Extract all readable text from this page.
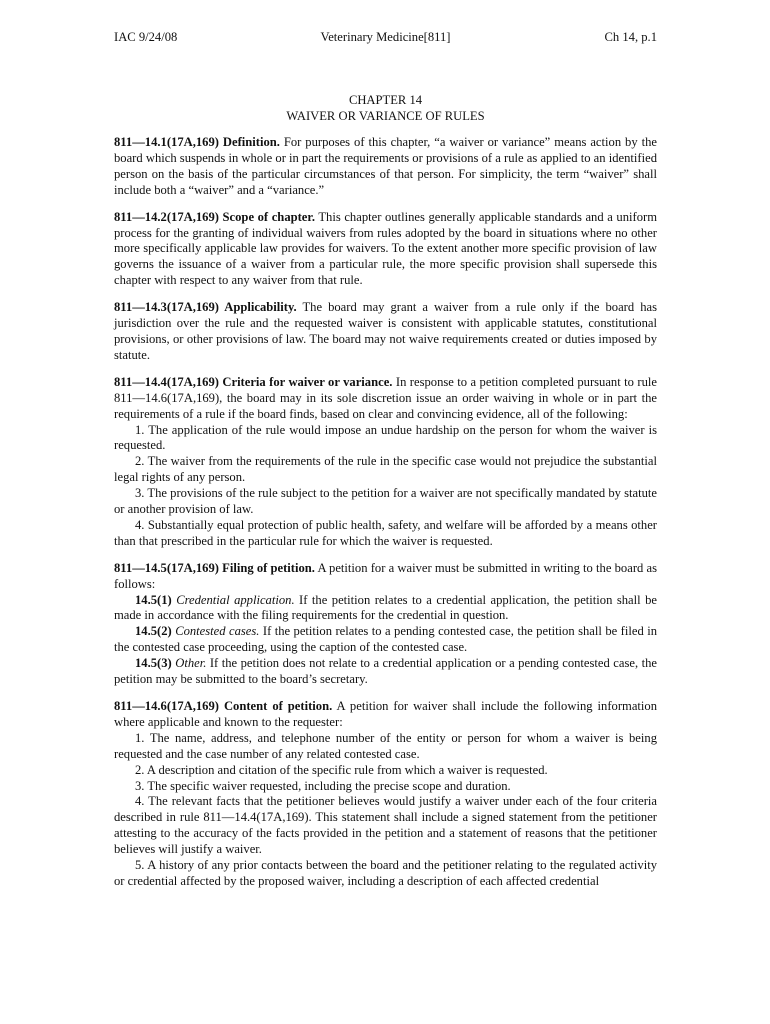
IAC 9/24/08	Veterinary Medicine[811]	Ch 14, p.1
CHAPTER 14
WAIVER OR VARIANCE OF RULES

811—14.1(17A,169) Definition. For purposes of this chapter, “a waiver or variance” means action by the board which suspends in whole or in part the requirements or provisions of a rule as applied to an identified person on the basis of the particular circumstances of that person. For simplicity, the term “waiver” shall include both a “waiver” and a “variance.”

811—14.2(17A,169) Scope of chapter. This chapter outlines generally applicable standards and a uniform process for the granting of individual waivers from rules adopted by the board in situations where no other more specifically applicable law provides for waivers. To the extent another more specific provision of law governs the issuance of a waiver from a particular rule, the more specific provision shall supersede this chapter with respect to any waiver from that rule.

811—14.3(17A,169) Applicability. The board may grant a waiver from a rule only if the board has jurisdiction over the rule and the requested waiver is consistent with applicable statutes, constitutional provisions, or other provisions of law. The board may not waive requirements created or duties imposed by statute.

811—14.4(17A,169) Criteria for waiver or variance. In response to a petition completed pursuant to rule 811—14.6(17A,169), the board may in its sole discretion issue an order waiving in whole or in part the requirements of a rule if the board finds, based on clear and convincing evidence, all of the following:

1. The application of the rule would impose an undue hardship on the person for whom the waiver is requested.

2. The waiver from the requirements of the rule in the specific case would not prejudice the substantial legal rights of any person.

3. The provisions of the rule subject to the petition for a waiver are not specifically mandated by statute or another provision of law.

4. Substantially equal protection of public health, safety, and welfare will be afforded by a means other than that prescribed in the particular rule for which the waiver is requested.

811—14.5(17A,169) Filing of petition. A petition for a waiver must be submitted in writing to the board as follows:

14.5(1) Credential application. If the petition relates to a credential application, the petition shall be made in accordance with the filing requirements for the credential in question.

14.5(2) Contested cases. If the petition relates to a pending contested case, the petition shall be filed in the contested case proceeding, using the caption of the contested case.

14.5(3) Other. If the petition does not relate to a credential application or a pending contested case, the petition may be submitted to the board’s secretary.

811—14.6(17A,169) Content of petition. A petition for waiver shall include the following information where applicable and known to the requester:

1. The name, address, and telephone number of the entity or person for whom a waiver is being requested and the case number of any related contested case.

2. A description and citation of the specific rule from which a waiver is requested.

3. The specific waiver requested, including the precise scope and duration.

4. The relevant facts that the petitioner believes would justify a waiver under each of the four criteria described in rule 811—14.4(17A,169). This statement shall include a signed statement from the petitioner attesting to the accuracy of the facts provided in the petition and a statement of reasons that the petitioner believes will justify a waiver.

5. A history of any prior contacts between the board and the petitioner relating to the regulated activity or credential affected by the proposed waiver, including a description of each affected credential
